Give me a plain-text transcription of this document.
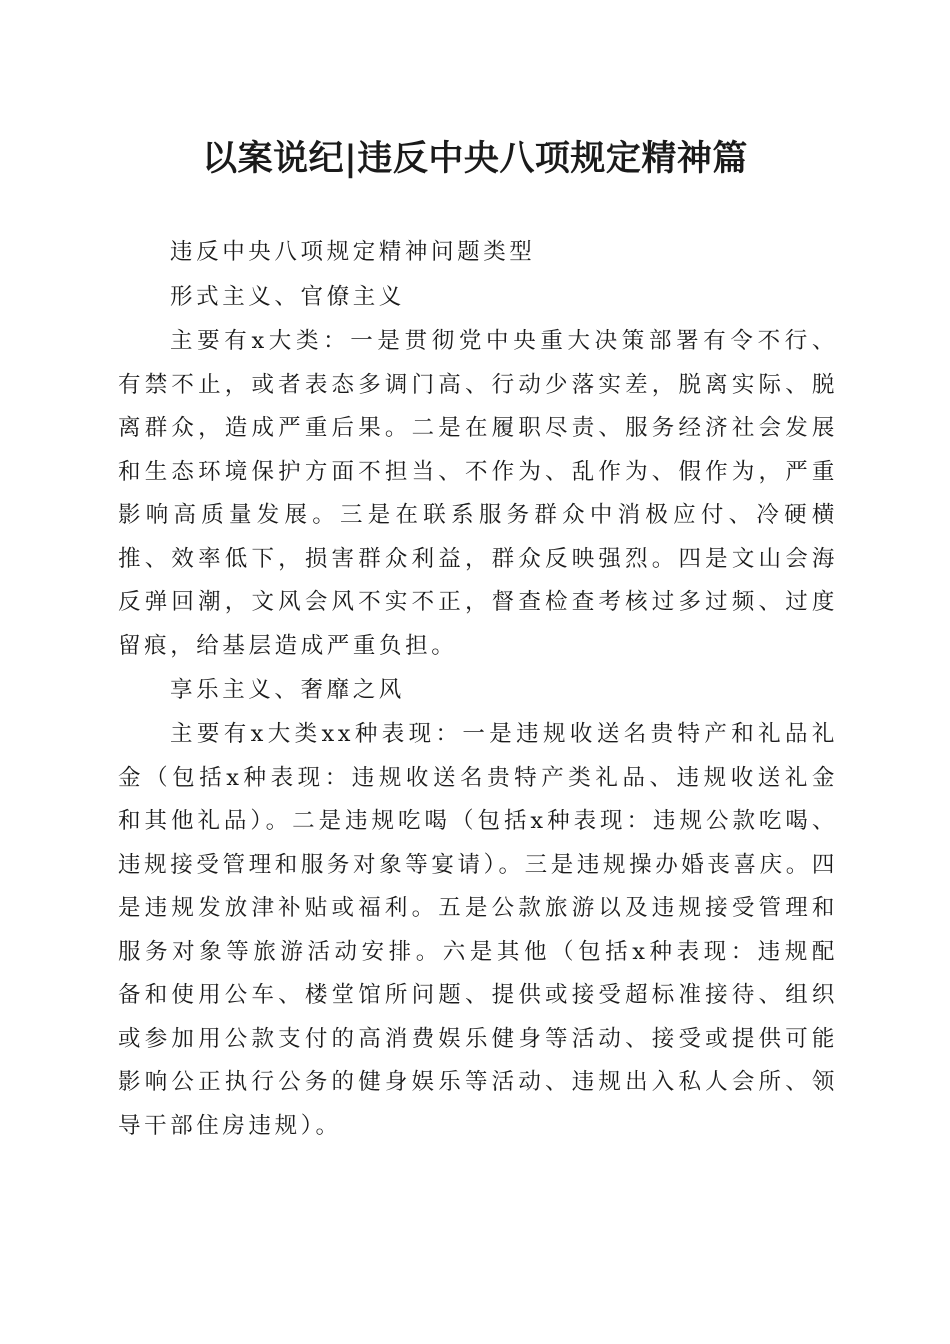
以案说纪|违反中央八项规定精神篇

违反中央八项规定精神问题类型

形式主义、官僚主义

主要有x大类：一是贯彻党中央重大决策部署有令不行、有禁不止，或者表态多调门高、行动少落实差，脱离实际、脱离群众，造成严重后果。二是在履职尽责、服务经济社会发展和生态环境保护方面不担当、不作为、乱作为、假作为，严重影响高质量发展。三是在联系服务群众中消极应付、冷硬横推、效率低下，损害群众利益，群众反映强烈。四是文山会海反弹回潮，文风会风不实不正，督查检查考核过多过频、过度留痕，给基层造成严重负担。

享乐主义、奢靡之风

主要有x大类xx种表现：一是违规收送名贵特产和礼品礼金（包括x种表现：违规收送名贵特产类礼品、违规收送礼金和其他礼品）。二是违规吃喝（包括x种表现：违规公款吃喝、违规接受管理和服务对象等宴请）。三是违规操办婚丧喜庆。四是违规发放津补贴或福利。五是公款旅游以及违规接受管理和服务对象等旅游活动安排。六是其他（包括x种表现：违规配备和使用公车、楼堂馆所问题、提供或接受超标准接待、组织或参加用公款支付的高消费娱乐健身等活动、接受或提供可能影响公正执行公务的健身娱乐等活动、违规出入私人会所、领导干部住房违规）。
